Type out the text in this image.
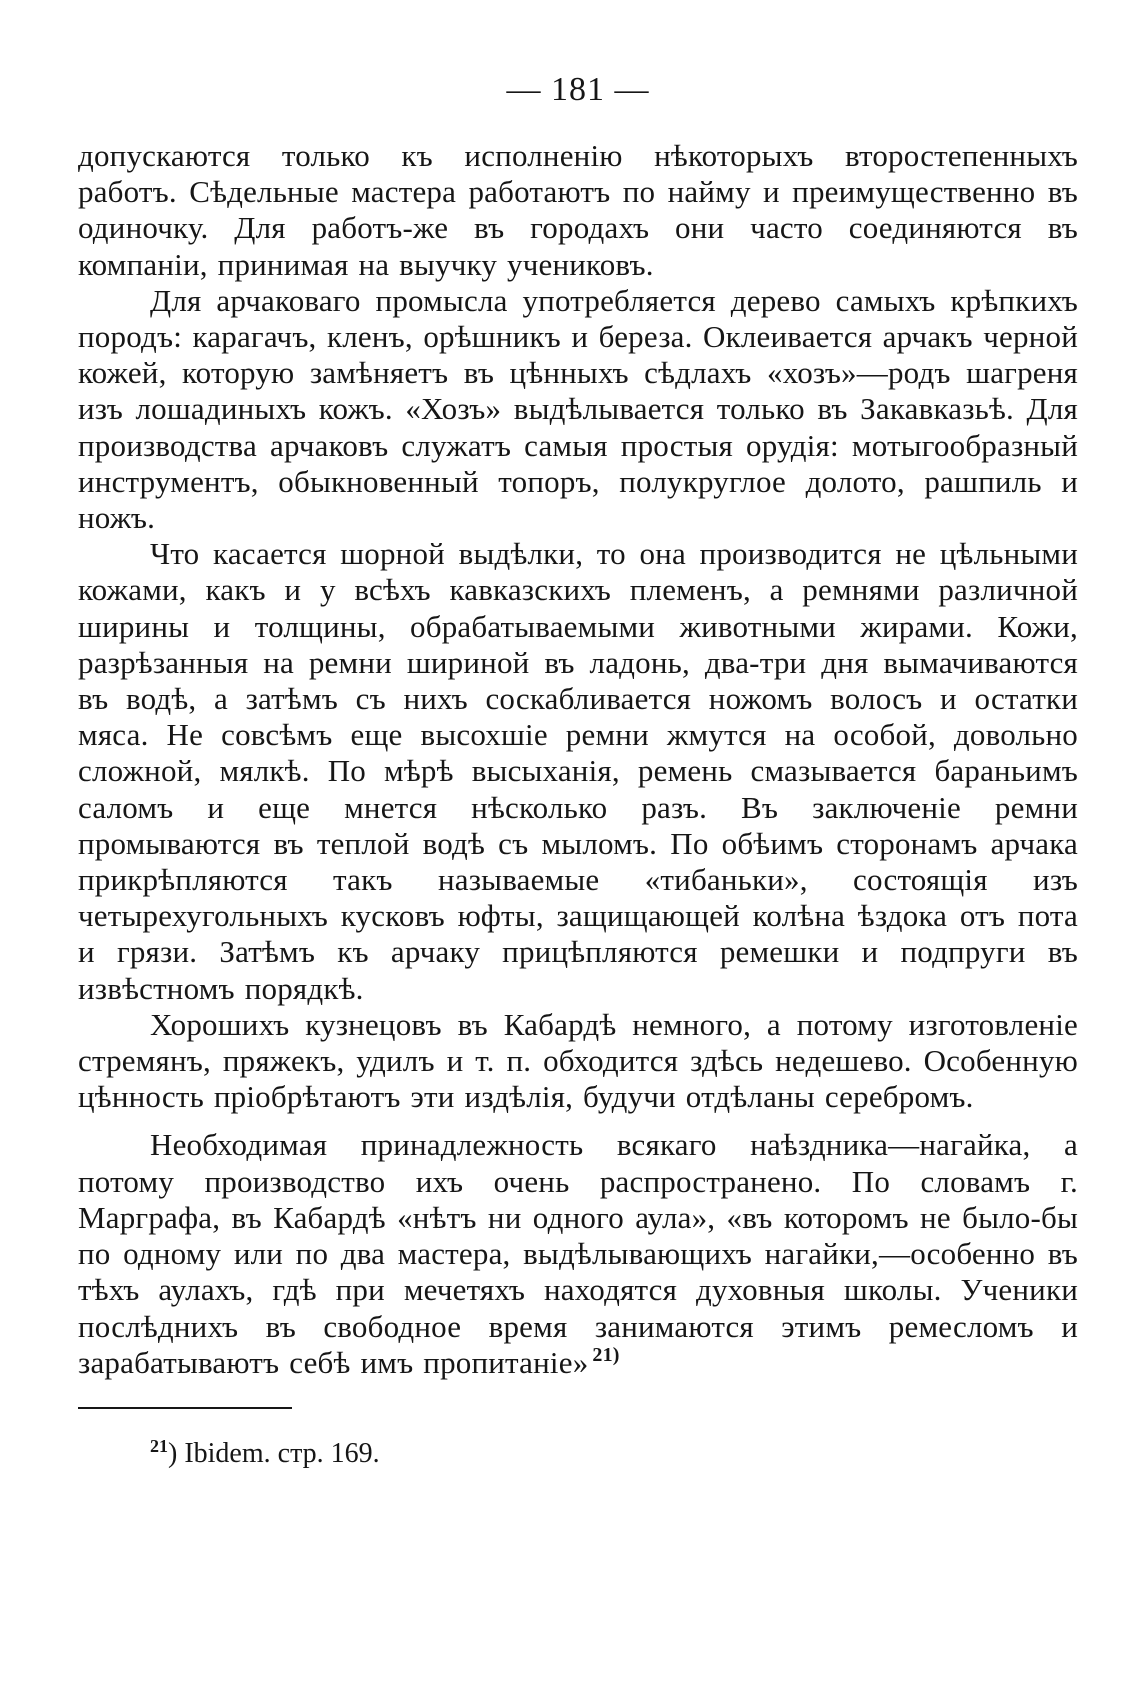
— 181 —

допускаются только къ исполненію нѣкоторыхъ второстепенныхъ работъ. Сѣдельные мастера работаютъ по найму и преимущественно въ одиночку. Для работъ-же въ городахъ они часто соединяются въ компаніи, принимая на выучку учениковъ.

Для арчаковаго промысла употребляется дерево самыхъ крѣпкихъ породъ: карагачъ, кленъ, орѣшникъ и береза. Оклеивается арчакъ черной кожей, которую замѣняетъ въ цѣнныхъ сѣдлахъ «хозъ»—родъ шагреня изъ лошадиныхъ кожъ. «Хозъ» выдѣлывается только въ Закавказьѣ. Для производства арчаковъ служатъ самыя простыя орудія: мотыгообразный инструментъ, обыкновенный топоръ, полукруглое долото, рашпиль и ножъ.

Что касается шорной выдѣлки, то она производится не цѣльными кожами, какъ и у всѣхъ кавказскихъ племенъ, а ремнями различной ширины и толщины, обрабатываемыми животными жирами. Кожи, разрѣзанныя на ремни шириной въ ладонь, два-три дня вымачиваются въ водѣ, а затѣмъ съ нихъ соскабливается ножомъ волосъ и остатки мяса. Не совсѣмъ еще высохшіе ремни жмутся на особой, довольно сложной, мялкѣ. По мѣрѣ высыханія, ремень смазывается бараньимъ саломъ и еще мнется нѣсколько разъ. Въ заключеніе ремни промываются въ теплой водѣ съ мыломъ. По обѣимъ сторонамъ арчака прикрѣпляются такъ называемые «тибаньки», состоящія изъ четырехугольныхъ кусковъ юфты, защищающей колѣна ѣздока отъ пота и грязи. Затѣмъ къ арчаку прицѣпляются ремешки и подпруги въ извѣстномъ порядкѣ.

Хорошихъ кузнецовъ въ Кабардѣ немного, а потому изготовленіе стремянъ, пряжекъ, удилъ и т. п. обходится здѣсь недешево. Особенную цѣнность пріобрѣтаютъ эти издѣлія, будучи отдѣланы серебромъ.

Необходимая принадлежность всякаго наѣздника—нагайка, а потому производство ихъ очень распространено. По словамъ г. Марграфа, въ Кабардѣ «нѣтъ ни одного аула», «въ которомъ не было-бы по одному или по два мастера, выдѣлывающихъ нагайки,—особенно въ тѣхъ аулахъ, гдѣ при мечетяхъ находятся духовныя школы. Ученики послѣднихъ въ свободное время занимаются этимъ ремесломъ и зарабатываютъ себѣ имъ пропитаніе» $^{21)}$

$^{21}$) Ibidem. стр. 169.
